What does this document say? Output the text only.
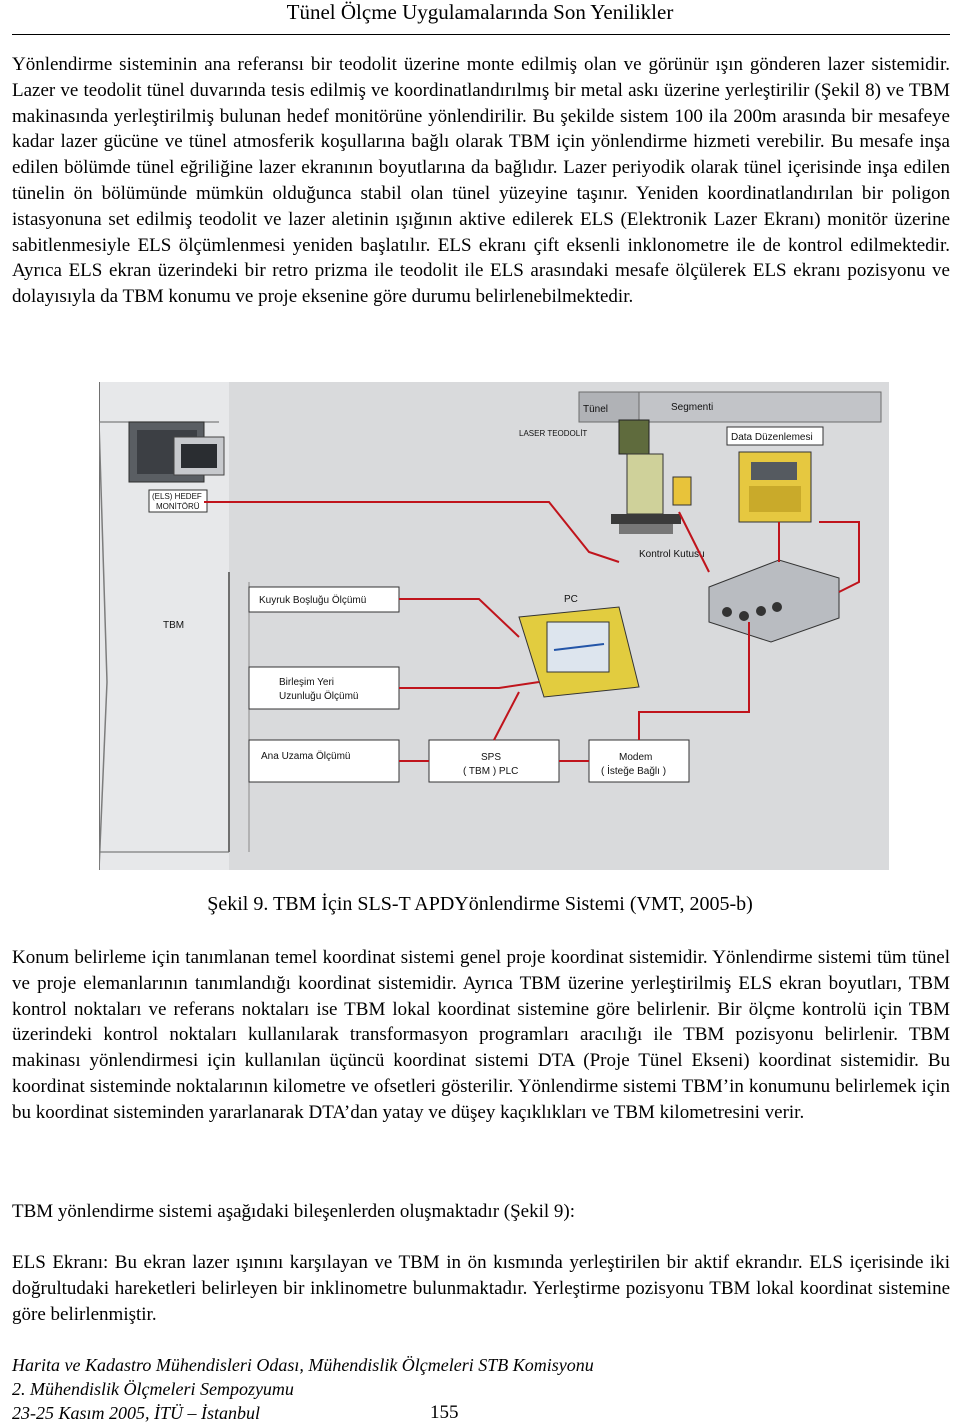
Tünel Ölçme Uygulamalarında Son Yenilikler

Yönlendirme sisteminin ana referansı bir teodolit üzerine monte edilmiş olan ve görünür ışın gönderen lazer sistemidir. Lazer ve teodolit tünel duvarında tesis edilmiş ve koordinatlandırılmış bir metal askı üzerine yerleştirilir (Şekil 8) ve TBM makinasında yerleştirilmiş bulunan hedef monitörüne yönlendirilir. Bu şekilde sistem 100 ila 200m arasında bir mesafeye kadar lazer gücüne ve tünel atmosferik koşullarına bağlı olarak TBM için yönlendirme hizmeti verebilir. Bu mesafe inşa edilen bölümde tünel eğriliğine lazer ekranının boyutlarına da bağlıdır. Lazer periyodik olarak tünel içerisinde inşa edilen tünelin ön bölümünde mümkün olduğunca stabil olan tünel yüzeyine taşınır. Yeniden koordinatlandırılan bir poligon istasyonuna set edilmiş teodolit ve lazer aletinin ışığının aktive edilerek ELS (Elektronik Lazer Ekranı) monitör üzerine sabitlenmesiyle ELS ölçümlenmesi yeniden başlatılır. ELS ekranı çift eksenli inklonometre ile de kontrol edilmektedir. Ayrıca ELS ekran üzerindeki bir retro prizma ile teodolit ile ELS arasındaki mesafe ölçülerek ELS ekranı pozisyonu ve dolayısıyla da TBM konumu ve proje eksenine göre durumu belirlenebilmektedir.

Tünel	Segmenti
(ELS) HEDEF
MONİTÖRÜ
LASER TEODOLİT	Data Düzenlemesi
Kontrol Kutusu
PC
Kuyruk Boşluğu Ölçümü
TBM
Birleşim Yeri
Uzunluğu Ölçümü
Ana Uzama Ölçümü	SPS
( TBM ) PLC
Modem
( İsteğe Bağlı )
Şekil 9. TBM İçin SLS-T APDYönlendirme Sistemi (VMT, 2005-b)

Konum belirleme için tanımlanan temel koordinat sistemi genel proje koordinat sistemidir. Yönlendirme sistemi tüm tünel ve proje elemanlarının tanımlandığı koordinat sistemidir. Ayrıca TBM üzerine yerleştirilmiş ELS ekran boyutları, TBM kontrol noktaları ve referans noktaları ise TBM lokal koordinat sistemine göre belirlenir. Bir ölçme kontrolü için TBM üzerindeki kontrol noktaları kullanılarak transformasyon programları aracılığı ile TBM pozisyonu belirlenir. TBM makinası yönlendirmesi için kullanılan üçüncü koordinat sistemi DTA (Proje Tünel Ekseni) koordinat sistemidir. Bu koordinat sisteminde noktalarının kilometre ve ofsetleri gösterilir. Yönlendirme sistemi TBM’in konumunu belirlemek için bu koordinat sisteminden yararlanarak DTA’dan yatay ve düşey kaçıklıkları ve TBM kilometresini verir.

TBM yönlendirme sistemi aşağıdaki bileşenlerden oluşmaktadır (Şekil 9):

ELS Ekranı: Bu ekran lazer ışınını karşılayan ve TBM in ön kısmında yerleştirilen bir aktif ekrandır. ELS içerisinde iki doğrultudaki hareketleri belirleyen bir inklinometre bulunmaktadır. Yerleştirme pozisyonu TBM lokal koordinat sistemine göre belirlenmiştir.

Harita ve Kadastro Mühendisleri Odası, Mühendislik Ölçmeleri STB Komisyonu
2. Mühendislik Ölçmeleri Sempozyumu
23-25 Kasım 2005, İTÜ – İstanbul	155
